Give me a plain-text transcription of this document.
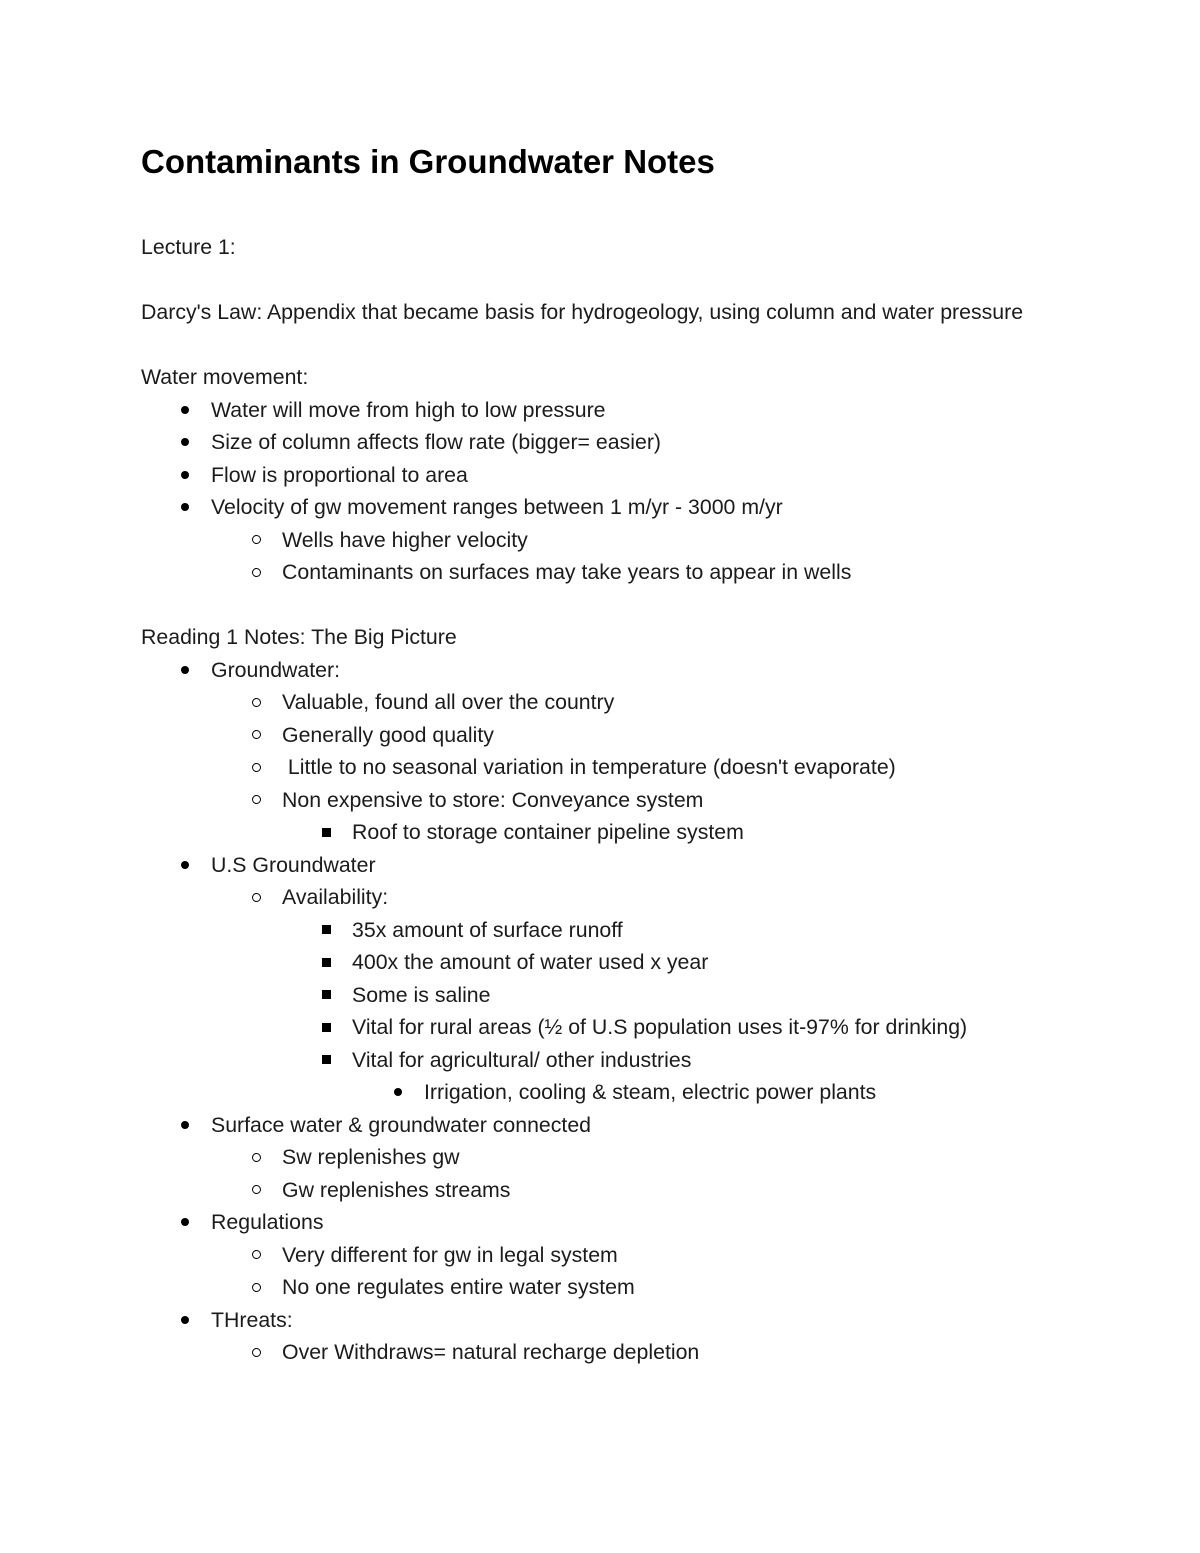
Contaminants in Groundwater Notes

Lecture 1:

Darcy's Law: Appendix that became basis for hydrogeology, using column and water pressure

Water movement:

Water will move from high to low pressure
Size of column affects flow rate (bigger= easier)
Flow is proportional to area
Velocity of gw movement ranges between 1 m/yr - 3000 m/yr
Wells have higher velocity
Contaminants on surfaces may take years to appear in wells

Reading 1 Notes: The Big Picture

Groundwater:
Valuable, found all over the country
Generally good quality
Little to no seasonal variation in temperature (doesn't evaporate)
Non expensive to store: Conveyance system
Roof to storage container pipeline system
U.S Groundwater
Availability:
35x amount of surface runoff
400x the amount of water used x year
Some is saline
Vital for rural areas (½ of U.S population uses it-97% for drinking)
Vital for agricultural/ other industries
Irrigation, cooling & steam, electric power plants
Surface water & groundwater connected
Sw replenishes gw
Gw replenishes streams
Regulations
Very different for gw in legal system
No one regulates entire water system
THreats:
Over Withdraws= natural recharge depletion
